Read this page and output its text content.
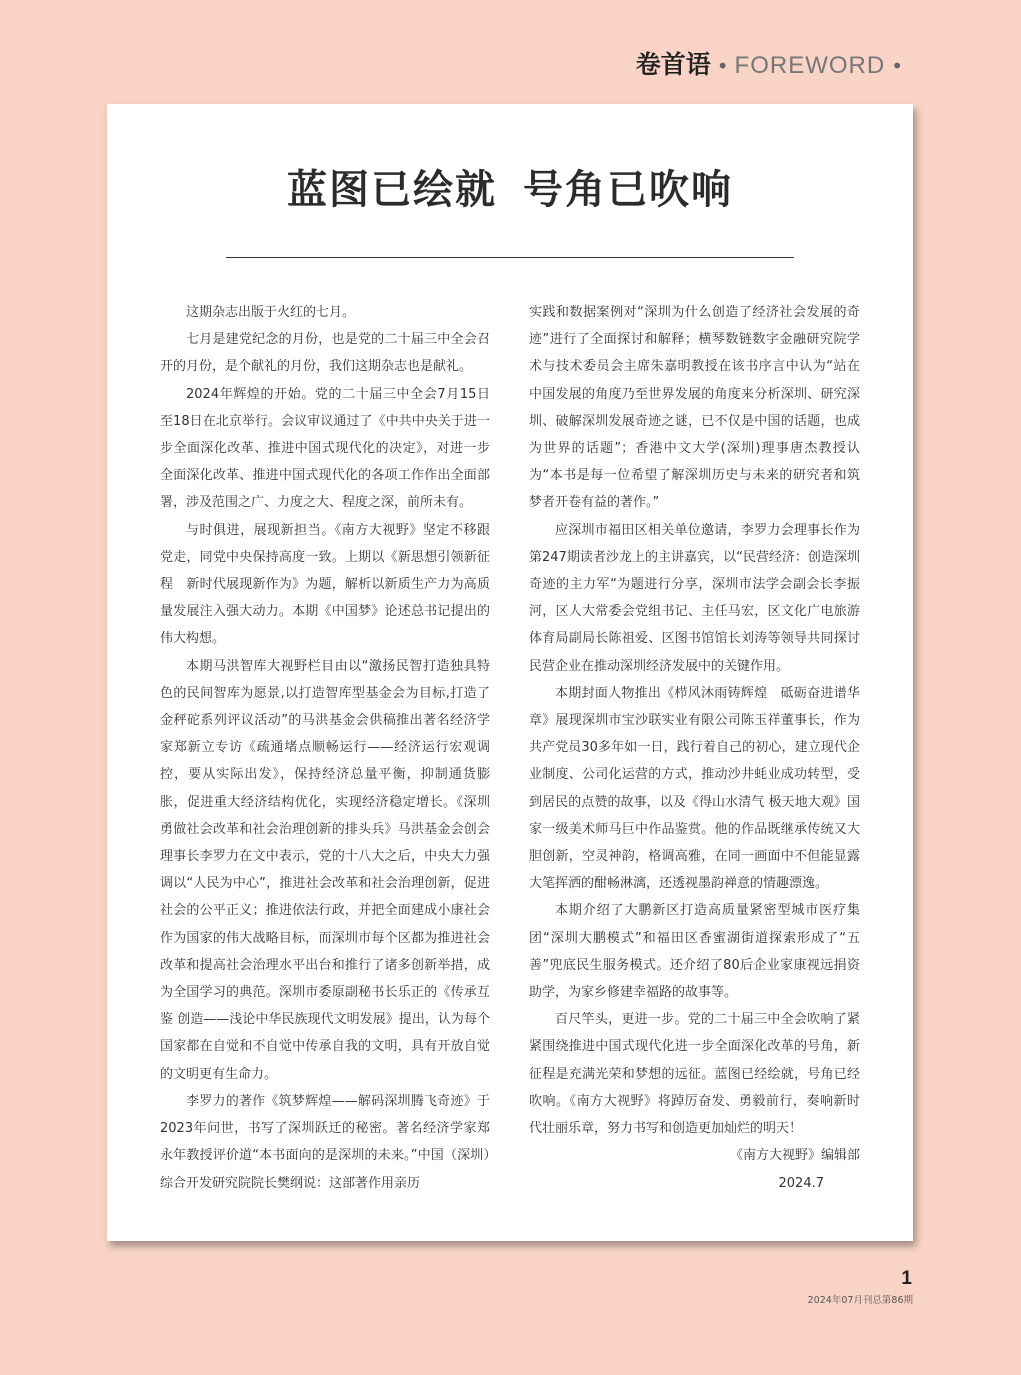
卷首语 • FOREWORD •
蓝图已绘就 号角已吹响

这期杂志出版于火红的七月。

七月是建党纪念的月份，也是党的二十届三中全会召开的月份，是个献礼的月份，我们这期杂志也是献礼。

2024年辉煌的开始。党的二十届三中全会7月15日至18日在北京举行。会议审议通过了《中共中央关于进一步全面深化改革、推进中国式现代化的决定》，对进一步全面深化改革、推进中国式现代化的各项工作作出全面部署，涉及范围之广、力度之大、程度之深，前所未有。

与时俱进，展现新担当。《南方大视野》坚定不移跟党走，同党中央保持高度一致。上期以《新思想引领新征程　新时代展现新作为》为题，解析以新质生产力为高质量发展注入强大动力。本期《中国梦》论述总书记提出的伟大构想。

本期马洪智库大视野栏目由以“激扬民智打造独具特色的民间智库为愿景,以打造智库型基金会为目标,打造了金秤砣系列评议活动”的马洪基金会供稿推出著名经济学家郑新立专访《疏通堵点顺畅运行——经济运行宏观调控，要从实际出发》，保持经济总量平衡，抑制通货膨胀，促进重大经济结构优化，实现经济稳定增长。《深圳勇做社会改革和社会治理创新的排头兵》马洪基金会创会理事长李罗力在文中表示，党的十八大之后，中央大力强调以“人民为中心”，推进社会改革和社会治理创新，促进社会的公平正义；推进依法行政，并把全面建成小康社会作为国家的伟大战略目标，而深圳市每个区都为推进社会改革和提高社会治理水平出台和推行了诸多创新举措，成为全国学习的典范。深圳市委原副秘书长乐正的《传承互鉴 创造——浅论中华民族现代文明发展》提出，认为每个国家都在自觉和不自觉中传承自我的文明，具有开放自觉的文明更有生命力。

李罗力的著作《筑梦辉煌——解码深圳腾飞奇迹》于2023年问世，书写了深圳跃迁的秘密。著名经济学家郑永年教授评价道“本书面向的是深圳的未来。”中国（深圳）综合开发研究院院长樊纲说：这部著作用亲历

实践和数据案例对“深圳为什么创造了经济社会发展的奇迹”进行了全面探讨和解释；横琴数链数字金融研究院学术与技术委员会主席朱嘉明教授在该书序言中认为“站在中国发展的角度乃至世界发展的角度来分析深圳、研究深圳、破解深圳发展奇迹之谜，已不仅是中国的话题，也成为世界的话题”；香港中文大学(深圳)理事唐杰教授认为“本书是每一位希望了解深圳历史与未来的研究者和筑梦者开卷有益的著作。”

应深圳市福田区相关单位邀请，李罗力会理事长作为第247期读者沙龙上的主讲嘉宾，以“民营经济：创造深圳奇迹的主力军“为题进行分享，深圳市法学会副会长李振河，区人大常委会党组书记、主任马宏，区文化广电旅游体育局副局长陈祖爱、区图书馆馆长刘涛等领导共同探讨民营企业在推动深圳经济发展中的关键作用。

本期封面人物推出《栉风沐雨铸辉煌　砥砺奋进谱华章》展现深圳市宝沙联实业有限公司陈玉祥董事长，作为共产党员30多年如一日，践行着自己的初心，建立现代企业制度、公司化运营的方式，推动沙井蚝业成功转型，受到居民的点赞的故事，以及《得山水清气 极天地大观》国家一级美术师马巨中作品鉴赏。他的作品既继承传统又大胆创新，空灵神韵，格调高雅，在同一画面中不但能显露大笔挥洒的酣畅淋漓，还透视墨韵禅意的情趣漂逸。

本期介绍了大鹏新区打造高质量紧密型城市医疗集团“深圳大鹏模式”和福田区香蜜湖街道探索形成了“五善”兜底民生服务模式。还介绍了80后企业家康视远捐资助学，为家乡修建幸福路的故事等。

百尺竿头，更进一步。党的二十届三中全会吹响了紧紧围绕推进中国式现代化进一步全面深化改革的号角，新征程是充满光荣和梦想的远征。蓝图已经绘就，号角已经吹响。《南方大视野》将踔厉奋发、勇毅前行，奏响新时代壮丽乐章，努力书写和创造更加灿烂的明天！

《南方大视野》编辑部

2024.7

1
2024年07月刊总第86期
